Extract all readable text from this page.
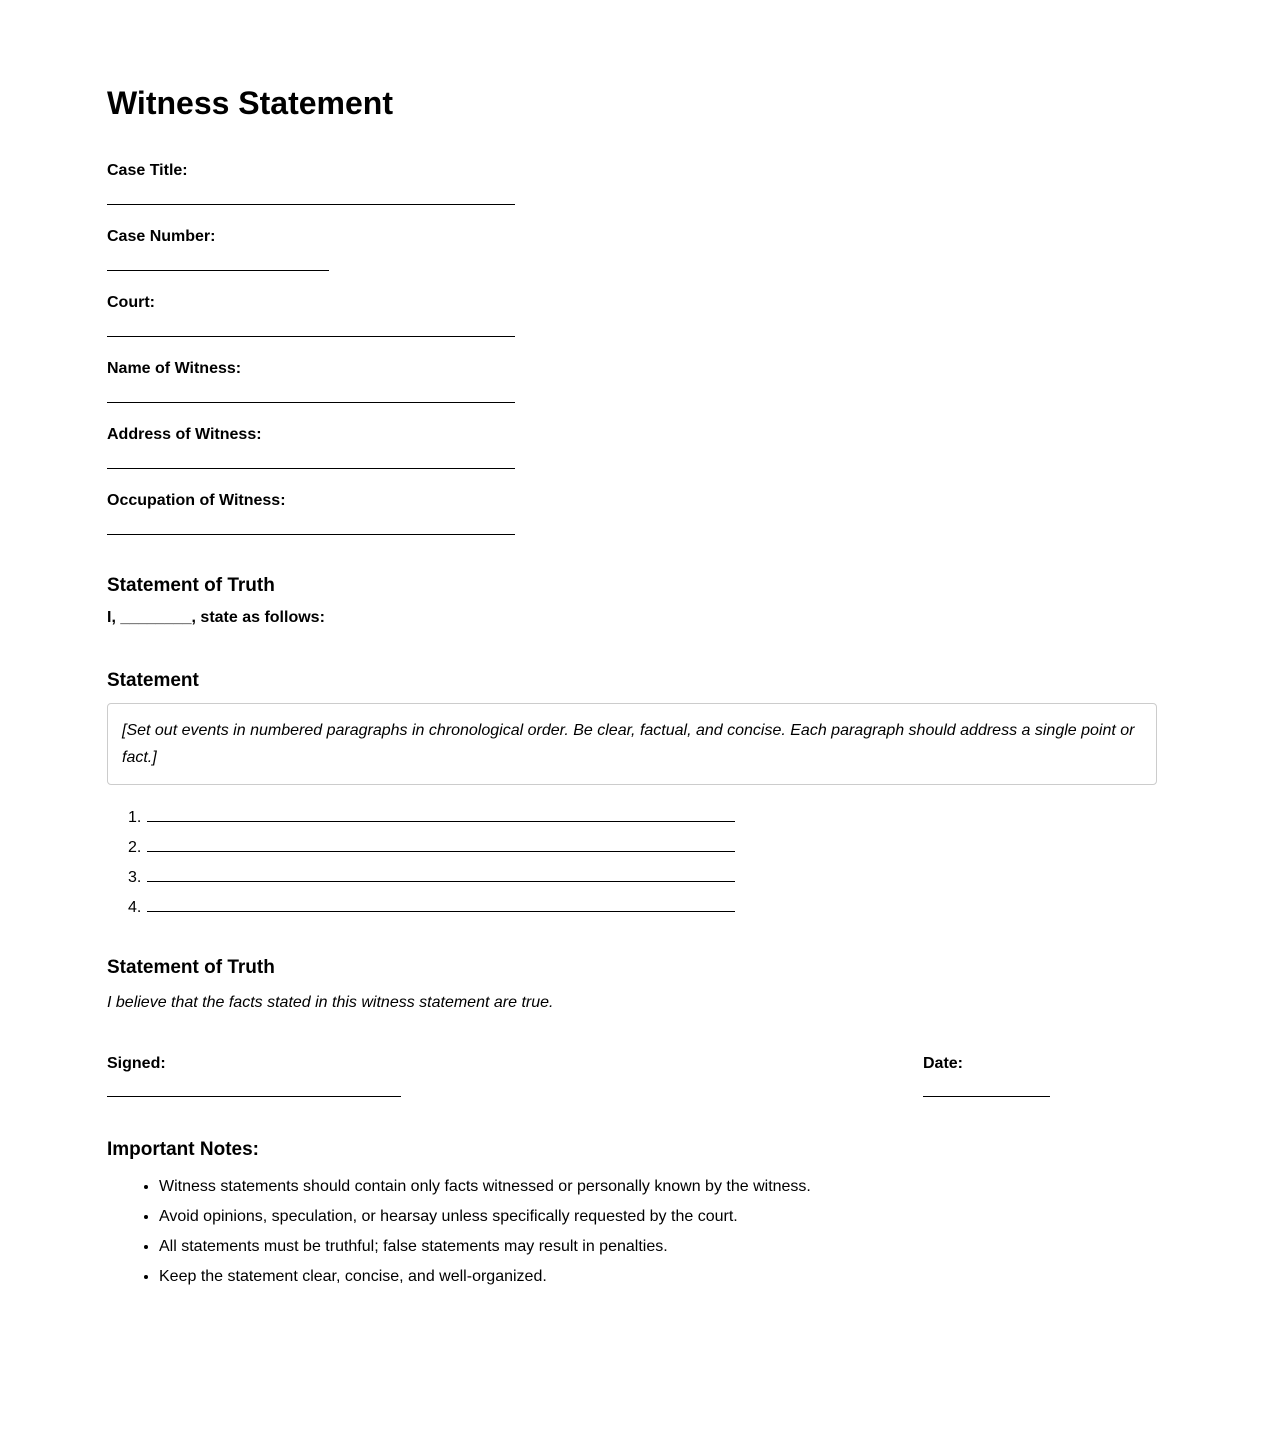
Witness Statement

Case Title:

Case Number:

Court:

Name of Witness:

Address of Witness:

Occupation of Witness:

Statement of Truth

I, ________, state as follows:

Statement
[Set out events in numbered paragraphs in chronological order. Be clear, factual, and concise. Each paragraph should address a single point or fact.]
1.
2.
3.
4.
Statement of Truth

I believe that the facts stated in this witness statement are true.

Signed:	Date:

Important Notes:
• Witness statements should contain only facts witnessed or personally known by the witness.
• Avoid opinions, speculation, or hearsay unless specifically requested by the court.
• All statements must be truthful; false statements may result in penalties.
• Keep the statement clear, concise, and well-organized.
